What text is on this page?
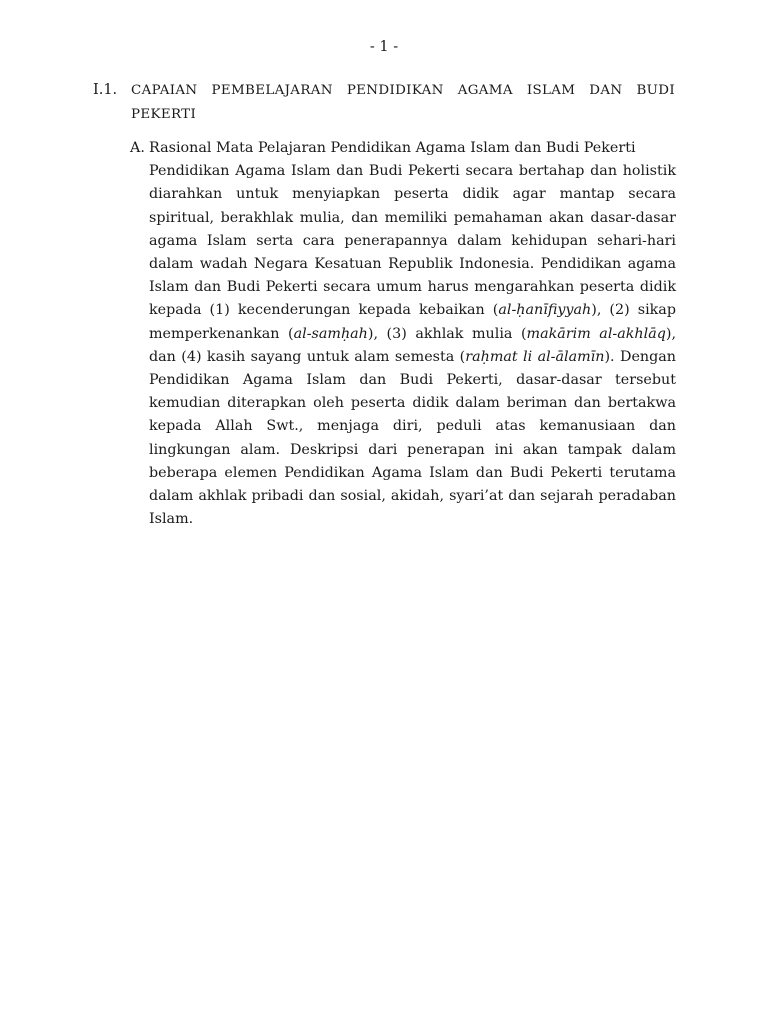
- 1 -
I.1. CAPAIAN PEMBELAJARAN PENDIDIKAN AGAMA ISLAM DAN BUDI PEKERTI
A. Rasional Mata Pelajaran Pendidikan Agama Islam dan Budi Pekerti

Pendidikan Agama Islam dan Budi Pekerti secara bertahap dan holistik diarahkan untuk menyiapkan peserta didik agar mantap secara spiritual, berakhlak mulia, dan memiliki pemahaman akan dasar-dasar agama Islam serta cara penerapannya dalam kehidupan sehari-hari dalam wadah Negara Kesatuan Republik Indonesia. Pendidikan agama Islam dan Budi Pekerti secara umum harus mengarahkan peserta didik kepada (1) kecenderungan kepada kebaikan (al-ḥanīfiyyah), (2) sikap memperkenankan (al-samḥah), (3) akhlak mulia (makārim al-akhlāq), dan (4) kasih sayang untuk alam semesta (raḥmat li al-ālamīn). Dengan Pendidikan Agama Islam dan Budi Pekerti, dasar-dasar tersebut kemudian diterapkan oleh peserta didik dalam beriman dan bertakwa kepada Allah Swt., menjaga diri, peduli atas kemanusiaan dan lingkungan alam. Deskripsi dari penerapan ini akan tampak dalam beberapa elemen Pendidikan Agama Islam dan Budi Pekerti terutama dalam akhlak pribadi dan sosial, akidah, syari’at dan sejarah peradaban Islam.
